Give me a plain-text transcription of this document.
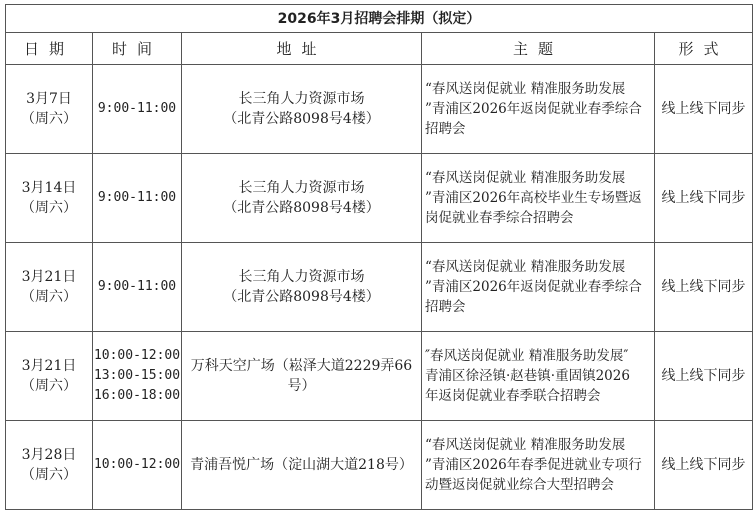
2026年3月招聘会排期（拟定）				
日期	时间	地址	主题	形式

3月7日
（周六）	9:00-11:00	长三角人力资源市场
（北青公路8098号4楼）	“春风送岗促就业 精准服务助发展
”青浦区2026年返岗促就业春季综合
招聘会	线上线下同步

3月14日
（周六）	9:00-11:00	长三角人力资源市场
（北青公路8098号4楼）	“春风送岗促就业 精准服务助发展
”青浦区2026年高校毕业生专场暨返
岗促就业春季综合招聘会	线上线下同步

3月21日
（周六）	9:00-11:00	长三角人力资源市场
（北青公路8098号4楼）	“春风送岗促就业 精准服务助发展
”青浦区2026年返岗促就业春季综合
招聘会	线上线下同步

3月21日
（周六）	10:00-12:00
13:00-15:00
16:00-18:00	万科天空广场（崧泽大道2229弄66
号）	″春风送岗促就业 精准服务助发展″
青浦区徐泾镇·赵巷镇·重固镇2026
年返岗促就业春季联合招聘会	线上线下同步

3月28日
（周六）	10:00-12:00	青浦吾悦广场（淀山湖大道218号）	“春风送岗促就业 精准服务助发展
”青浦区2026年春季促进就业专项行
动暨返岗促就业综合大型招聘会	线上线下同步
